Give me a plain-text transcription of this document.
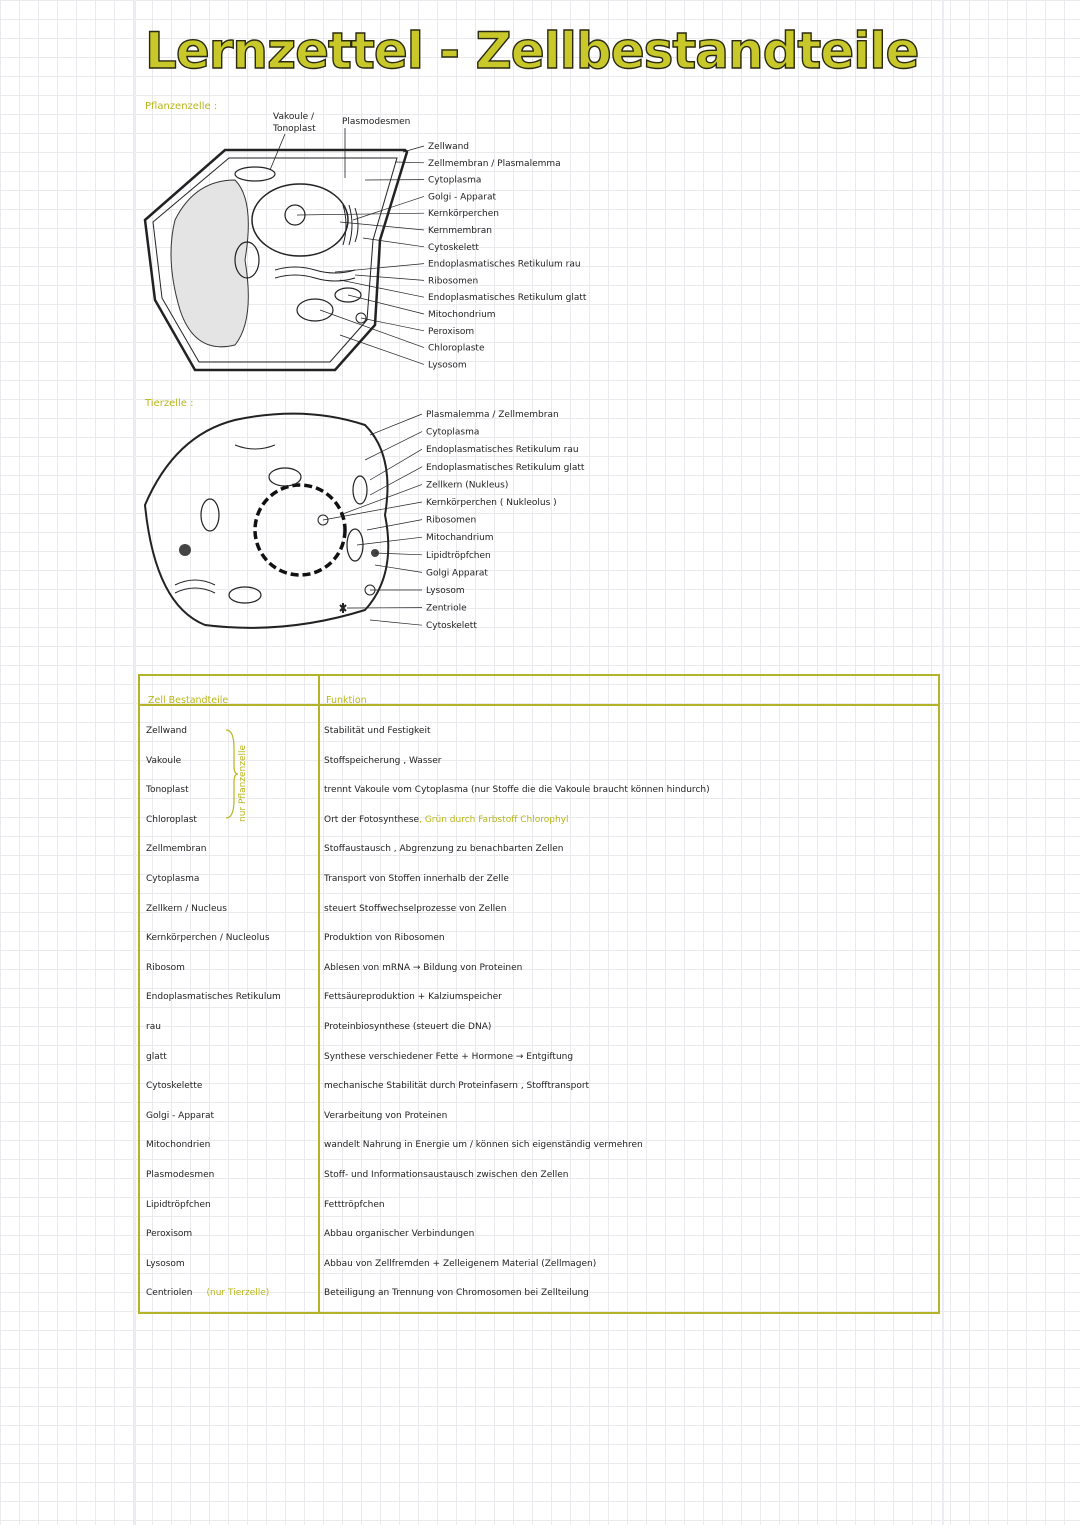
Lernzettel - Zellbestandteile
Pflanzenzelle :
Vakoule /
Tonoplast
Plasmodesmen
Zellwand
Zellmembran / Plasmalemma
Cytoplasma
Golgi - Apparat
Kernkörperchen
Kernmembran
Cytoskelett
Endoplasmatisches Retikulum rau
Ribosomen
Endoplasmatisches Retikulum glatt
Mitochondrium
Peroxisom
Chloroplaste
Lysosom
Tierzelle :
Plasmalemma / Zellmembran
Cytoplasma
Endoplasmatisches Retikulum rau
Endoplasmatisches Retikulum glatt
Zellkern (Nukleus)
Kernkörperchen ( Nukleolus )
Ribosomen
Mitochandrium
Lipidtröpfchen
Golgi Apparat
Lysosom
Zentriole
Cytoskelett
Zell Bestandteile	Funktion
nur Pflanzenzelle
Zellwand	Stabilität und Festigkeit
Vakoule	Stoffspeicherung , Wasser
Tonoplast	trennt Vakoule vom Cytoplasma (nur Stoffe die die Vakoule braucht können hindurch)
Chloroplast	Ort der Fotosynthese, Grün durch Farbstoff Chlorophyl
Zellmembran	Stoffaustausch , Abgrenzung zu benachbarten Zellen
Cytoplasma	Transport von Stoffen innerhalb der Zelle
Zellkern / Nucleus	steuert Stoffwechselprozesse von Zellen
Kernkörperchen / Nucleolus	Produktion von Ribosomen
Ribosom	Ablesen von mRNA → Bildung von Proteinen
Endoplasmatisches Retikulum	Fettsäureproduktion + Kalziumspeicher
rau	Proteinbiosynthese (steuert die DNA)
glatt	Synthese verschiedener Fette + Hormone → Entgiftung
Cytoskelette	mechanische Stabilität durch Proteinfasern , Stofftransport
Golgi - Apparat	Verarbeitung von Proteinen
Mitochondrien	wandelt Nahrung in Energie um / können sich eigenständig vermehren
Plasmodesmen	Stoff- und Informationsaustausch zwischen den Zellen
Lipidtröpfchen	Fetttröpfchen
Peroxisom	Abbau organischer Verbindungen
Lysosom	Abbau von Zellfremden + Zelleigenem Material (Zellmagen)
Centriolen (nur Tierzelle)	Beteiligung an Trennung von Chromosomen bei Zellteilung
